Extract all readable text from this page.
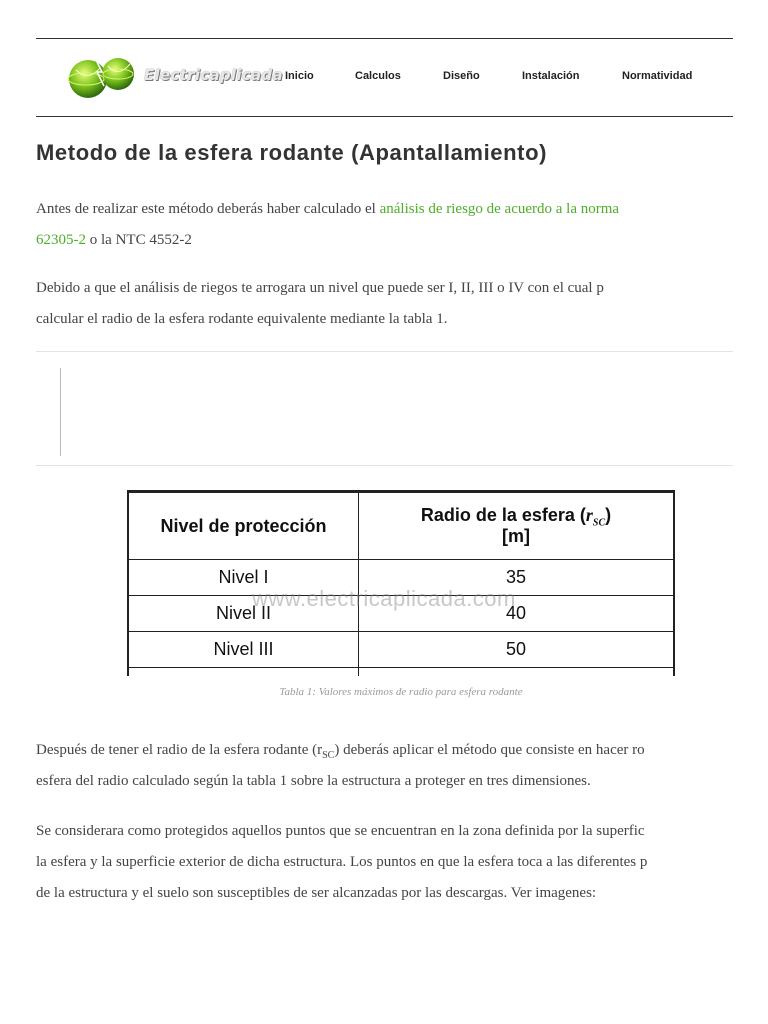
Electricaplicada Inicio	Calculos	Diseño	Instalación	Normatividad
Metodo de la esfera rodante (Apantallamiento)
Antes de realizar este método deberás haber calculado el análisis de riesgo de acuerdo a la norma
62305-2 o la NTC 4552-2
Debido a que el análisis de riegos te arrogara un nivel que puede ser I, II, III o IV con el cual p
calcular el radio de la esfera rodante equivalente mediante la tabla 1.
Nivel de protección	Radio de la esfera $(r_{SC})$
[m]
Nivel I	35
Nivel II	40
Nivel III	50

www.electricaplicada.com
Tabla 1: Valores máximos de radio para esfera rodante
Después de tener el radio de la esfera rodante $(r_{SC})$ deberás aplicar el método que consiste en hacer ro
esfera del radio calculado según la tabla 1 sobre la estructura a proteger en tres dimensiones.
Se considerara como protegidos aquellos puntos que se encuentran en la zona definida por la superfic
la esfera y la superficie exterior de dicha estructura. Los puntos en que la esfera toca a las diferentes p
de la estructura y el suelo son susceptibles de ser alcanzadas por las descargas. Ver imagenes:
